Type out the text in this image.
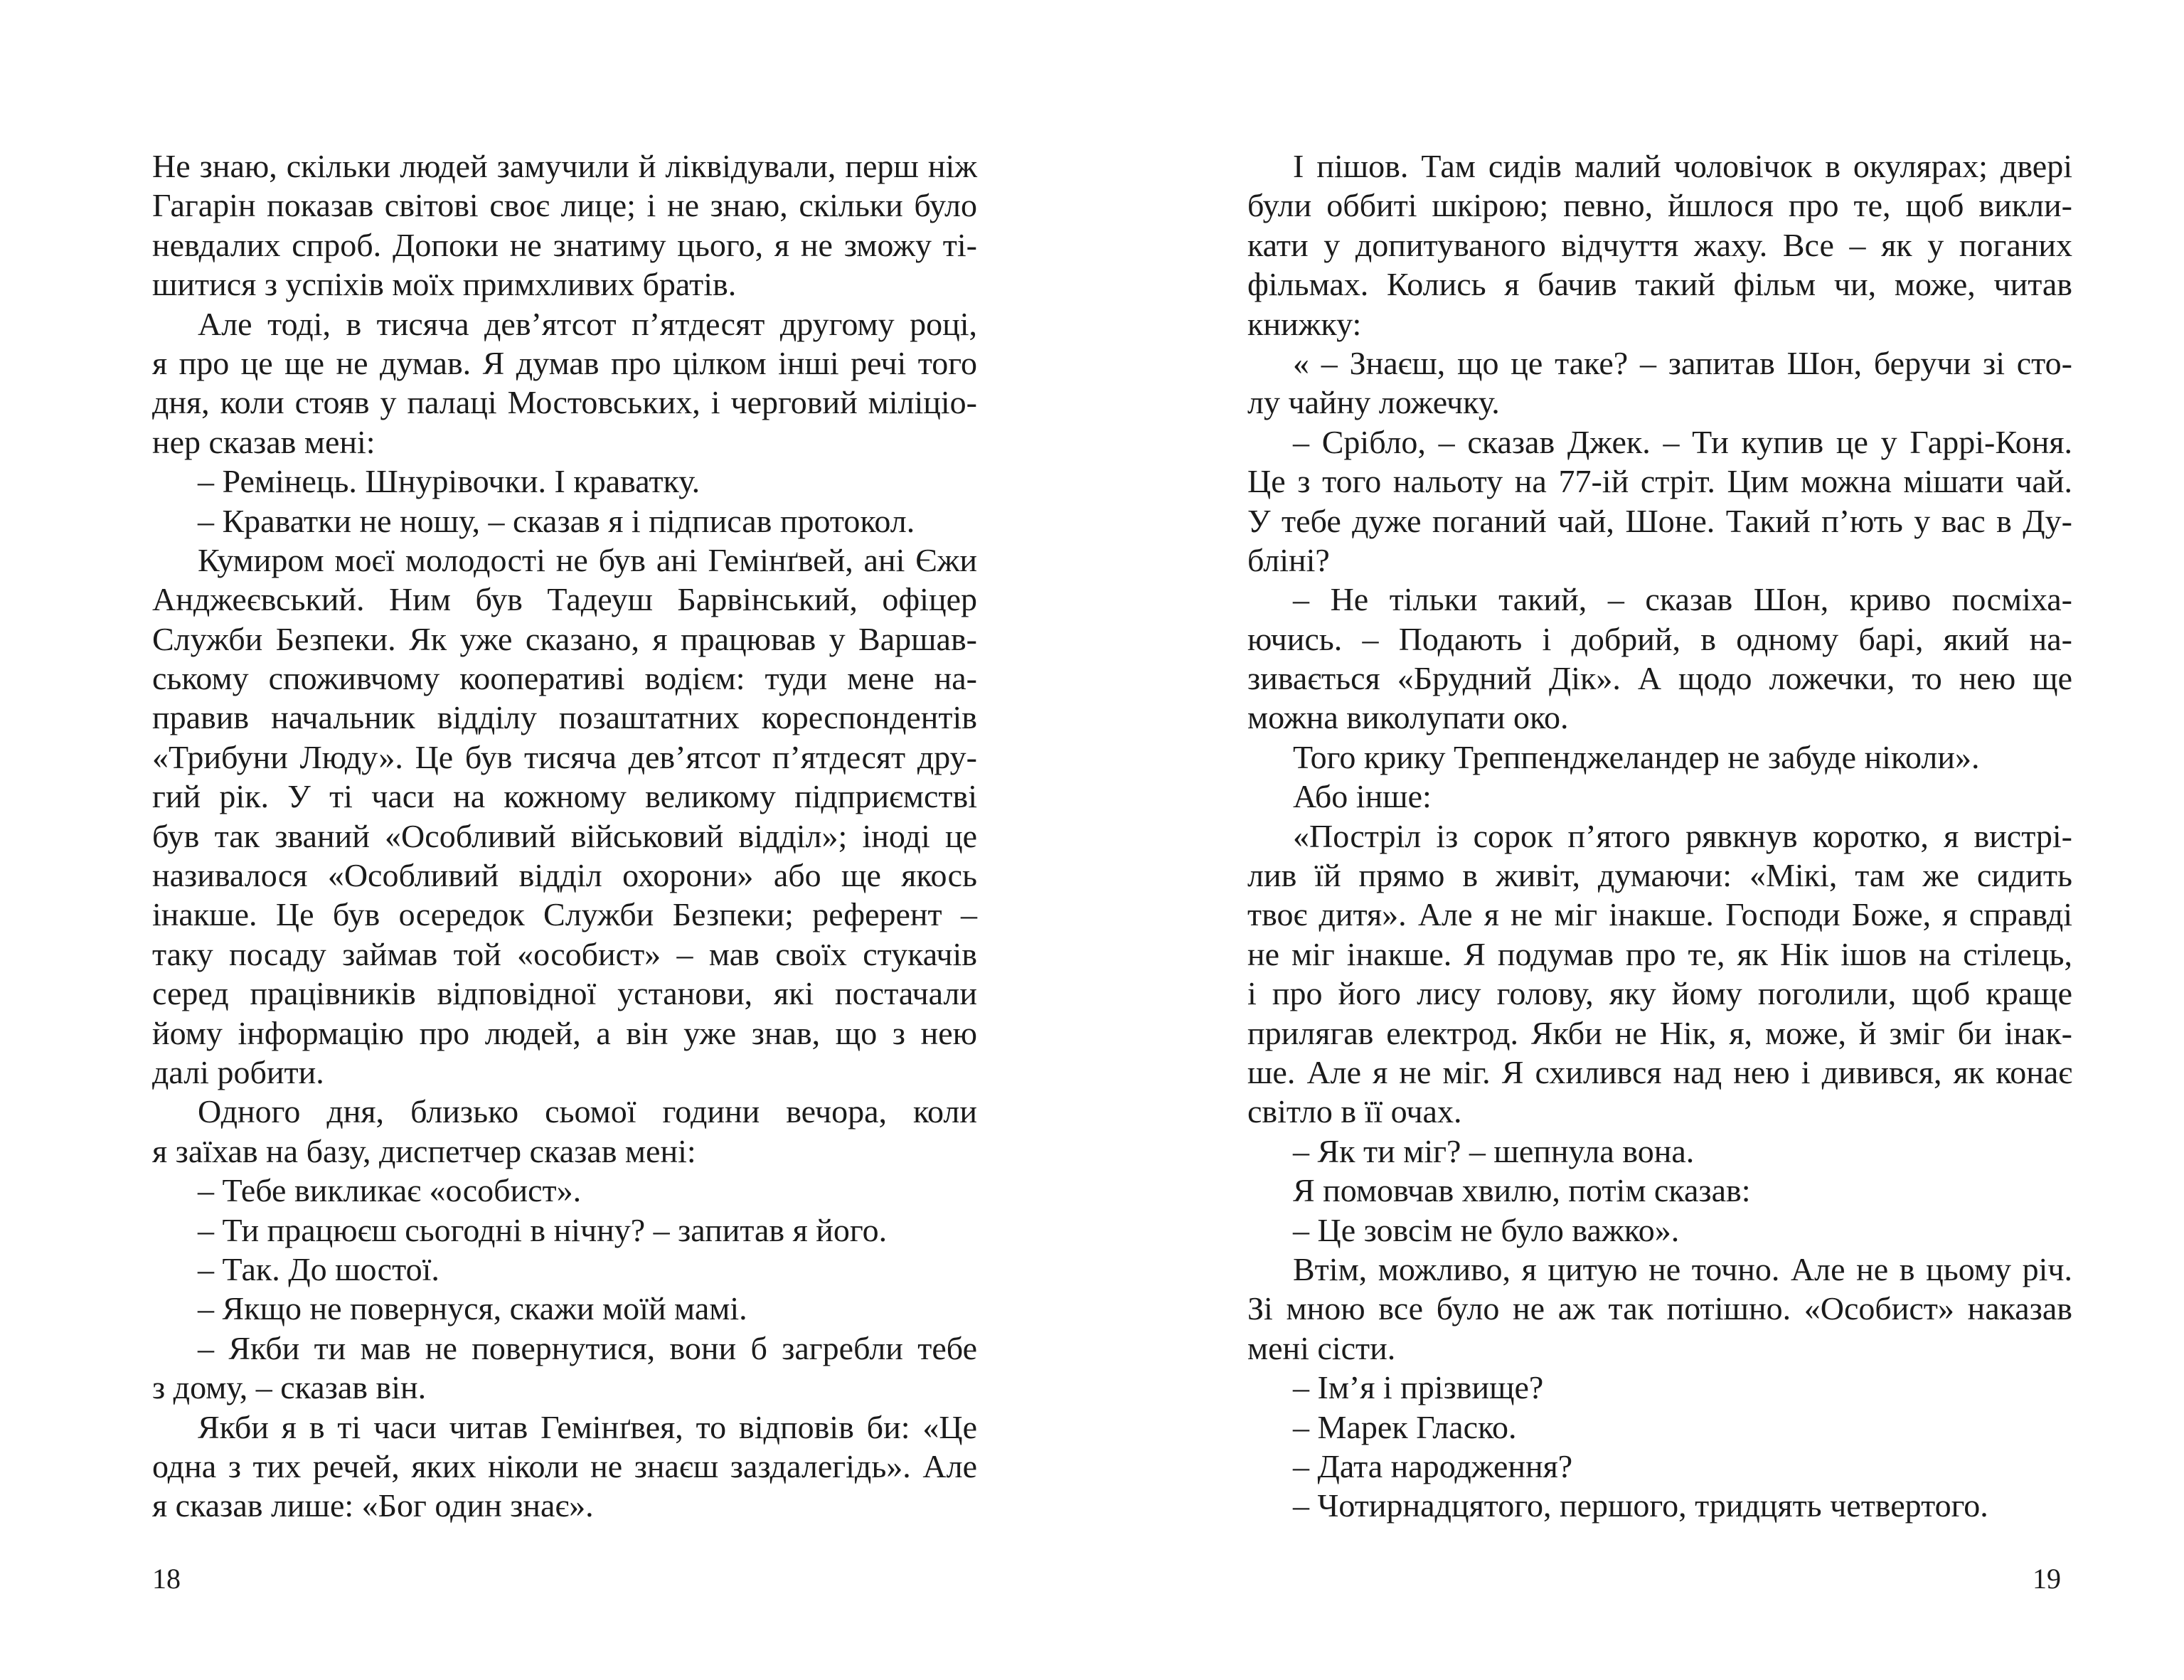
Не знаю, скільки людей замучили й ліквідували, перш ніж
Гагарін показав світові своє лице; і не знаю, скільки було
невдалих спроб. Допоки не знатиму цього, я не зможу ті-
шитися з успіхів моїх примхливих братів.
Але тоді, в тисяча дев’ятсот п’ятдесят другому році,
я про це ще не думав. Я думав про цілком інші речі того
дня, коли стояв у палаці Мостовських, і черговий міліціо-
нер сказав мені:
– Ремінець. Шнурівочки. І краватку.
– Краватки не ношу, – сказав я і підписав протокол.
Кумиром моєї молодості не був ані Гемінґвей, ані Єжи
Анджеєвський. Ним був Тадеуш Барвінський, офіцер
Служби Безпеки. Як уже сказано, я працював у Варшав-
ському споживчому кооперативі водієм: туди мене на-
правив начальник відділу позаштатних кореспондентів
«Трибуни Люду». Це був тисяча дев’ятсот п’ятдесят дру-
гий рік. У ті часи на кожному великому підприємстві
був так званий «Особливий військовий відділ»; іноді це
називалося «Особливий відділ охорони» або ще якось
інакше. Це був осередок Служби Безпеки; референт –
таку посаду займав той «особист» – мав своїх стукачів
серед працівників відповідної установи, які постачали
йому інформацію про людей, а він уже знав, що з нею
далі робити.
Одного дня, близько сьомої години вечора, коли
я заїхав на базу, диспетчер сказав мені:
– Тебе викликає «особист».
– Ти працюєш сьогодні в нічну? – запитав я його.
– Так. До шостої.
– Якщо не повернуся, скажи моїй мамі.
– Якби ти мав не повернутися, вони б загребли тебе
з дому, – сказав він.
Якби я в ті часи читав Гемінґвея, то відповів би: «Це
одна з тих речей, яких ніколи не знаєш заздалегідь». Але
я сказав лише: «Бог один знає».
І пішов. Там сидів малий чоловічок в окулярах; двері
були оббиті шкірою; певно, йшлося про те, щоб викли-
кати у допитуваного відчуття жаху. Все – як у поганих
фільмах. Колись я бачив такий фільм чи, може, читав
книжку:
« – Знаєш, що це таке? – запитав Шон, беручи зі сто-
лу чайну ложечку.
– Срібло, – сказав Джек. – Ти купив це у Гаррі-Коня.
Це з того нальоту на 77-ій стріт. Цим можна мішати чай.
У тебе дуже поганий чай, Шоне. Такий п’ють у вас в Ду-
бліні?
– Не тільки такий, – сказав Шон, криво посміха-
ючись. – Подають і добрий, в одному барі, який на-
зивається «Брудний Дік». А щодо ложечки, то нею ще
можна виколупати око.
Того крику Треппенджеландер не забуде ніколи».
Або інше:
«Постріл із сорок п’ятого рявкнув коротко, я вистрі-
лив їй прямо в живіт, думаючи: «Мікі, там же сидить
твоє дитя». Але я не міг інакше. Господи Боже, я справді
не міг інакше. Я подумав про те, як Нік ішов на стілець,
і про його лису голову, яку йому поголили, щоб краще
прилягав електрод. Якби не Нік, я, може, й зміг би інак-
ше. Але я не міг. Я схилився над нею і дивився, як конає
світло в її очах.
– Як ти міг? – шепнула вона.
Я помовчав хвилю, потім сказав:
– Це зовсім не було важко».
Втім, можливо, я цитую не точно. Але не в цьому річ.
Зі мною все було не аж так потішно. «Особист» наказав
мені сісти.
– Ім’я і прізвище?
– Марек Гласко.
– Дата народження?
– Чотирнадцятого, першого, тридцять четвертого.
18	19
